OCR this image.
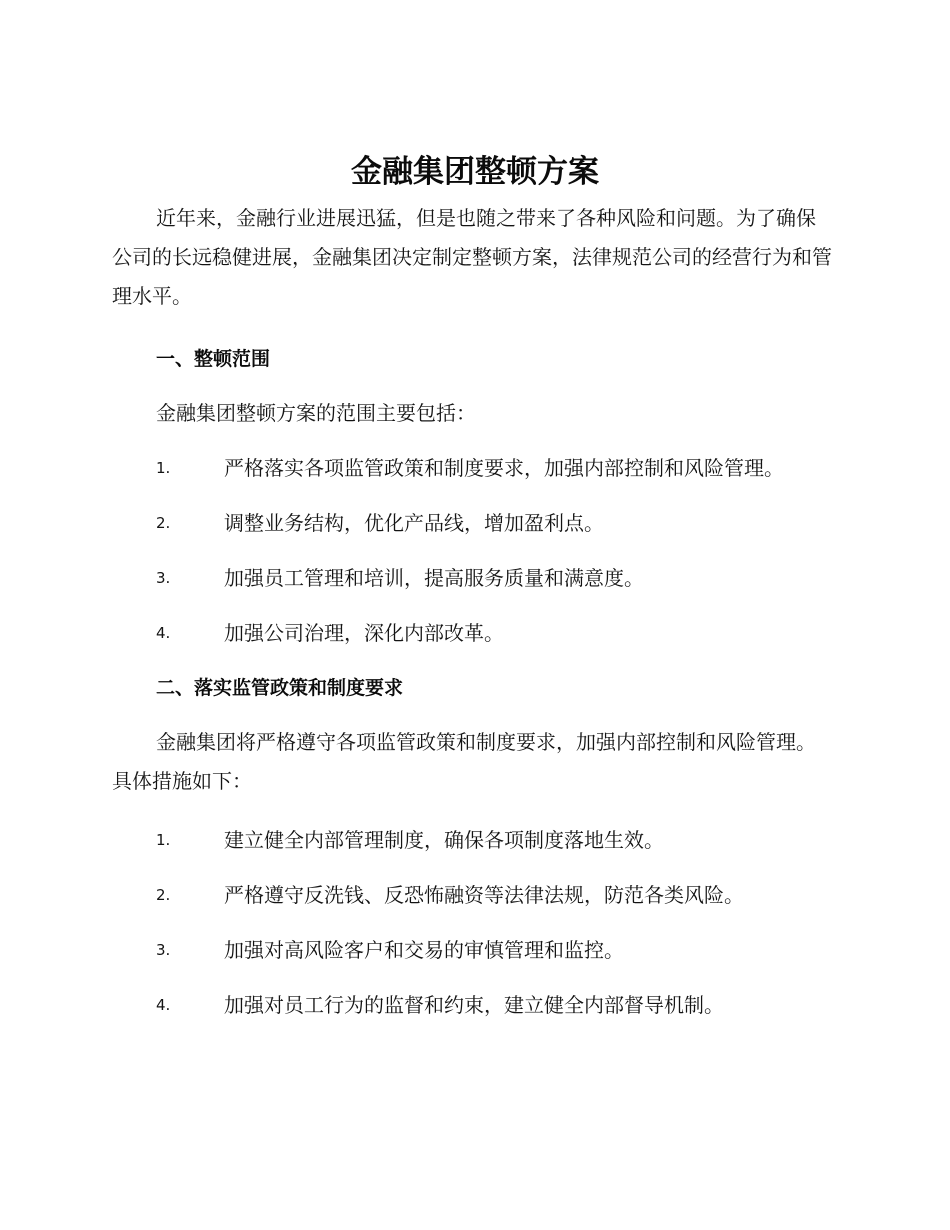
金融集团整顿方案
近年来，金融行业进展迅猛，但是也随之带来了各种风险和问题。为了确保公司的长远稳健进展，金融集团决定制定整顿方案，法律规范公司的经营行为和管理水平。
一、整顿范围
金融集团整顿方案的范围主要包括：
1.	严格落实各项监管政策和制度要求，加强内部控制和风险管理。
2.	调整业务结构，优化产品线，增加盈利点。
3.	加强员工管理和培训，提高服务质量和满意度。
4.	加强公司治理，深化内部改革。
二、落实监管政策和制度要求
金融集团将严格遵守各项监管政策和制度要求，加强内部控制和风险管理。具体措施如下：
1.	建立健全内部管理制度，确保各项制度落地生效。
2.	严格遵守反洗钱、反恐怖融资等法律法规，防范各类风险。
3.	加强对高风险客户和交易的审慎管理和监控。
4.	加强对员工行为的监督和约束，建立健全内部督导机制。
